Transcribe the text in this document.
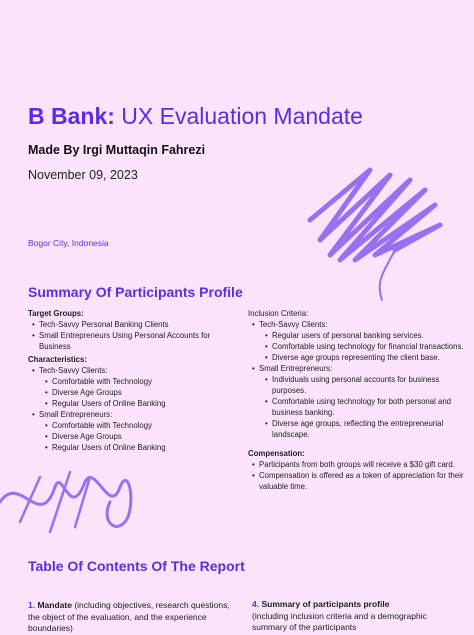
B Bank: UX Evaluation Mandate
Made By Irgi Muttaqin Fahrezi
November 09, 2023
Bogor City, Indonesia
Summary Of Participants Profile
Target Groups:
• Tech-Savvy Personal Banking Clients
• Small Entrepreneurs Using Personal Accounts for Business
Characteristics:
• Tech-Savvy Clients:
• Comfortable with Technology
• Diverse Age Groups
• Regular Users of Online Banking
• Small Entrepreneurs:
• Comfortable with Technology
• Diverse Age Groups
• Regular Users of Online Banking
Inclusion Criteria:
• Tech-Savvy Clients:
• Regular users of personal banking services.
• Comfortable using technology for financial transactions.
• Diverse age groups representing the client base.
• Small Entrepreneurs:
• Individuals using personal accounts for business purposes.
• Comfortable using technology for both personal and business banking.
• Diverse age groups, reflecting the entrepreneurial landscape.
Compensation:
• Participants from both groups will receive a $30 gift card.
• Compensation is offered as a token of appreciation for their valuable time.
Table Of Contents Of The Report
1. Mandate (including objectives, research questions, the object of the evaluation, and the experience boundaries)
4. Summary of participants profile
(including inclusion criteria and a demographic summary of the participants
